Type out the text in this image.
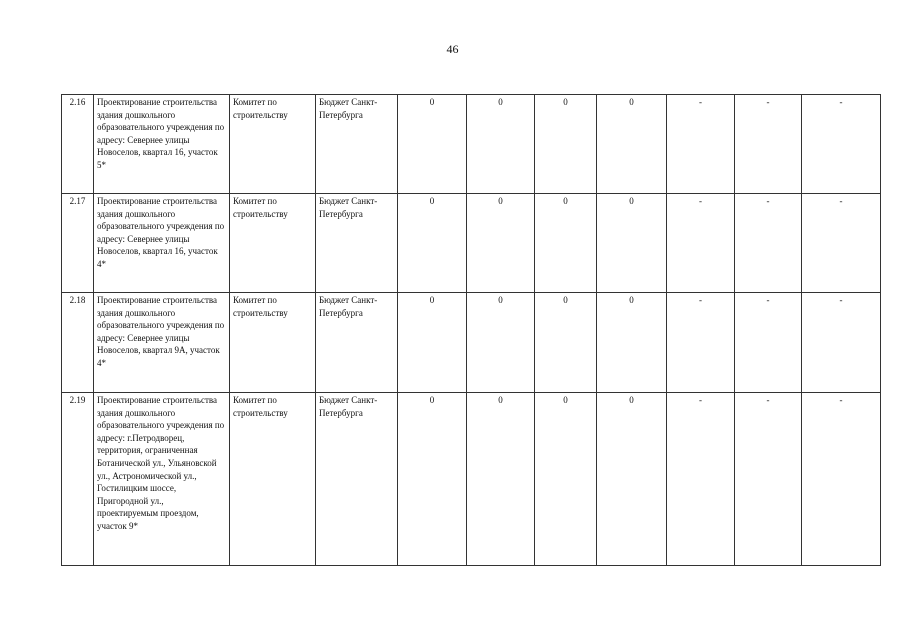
46
2.16	Проектирование строительства здания дошкольного образовательного учреждения по адресу: Севернее улицы Новоселов, квартал 16, участок 5*	Комитет по строительству	Бюджет Санкт-Петербурга	0	0	0	0	-	-	-
2.17	Проектирование строительства здания дошкольного образовательного учреждения по адресу: Севернее улицы Новоселов, квартал 16, участок 4*	Комитет по строительству	Бюджет Санкт-Петербурга	0	0	0	0	-	-	-
2.18	Проектирование строительства здания дошкольного образовательного учреждения по адресу: Севернее улицы Новоселов, квартал 9А, участок 4*	Комитет по строительству	Бюджет Санкт-Петербурга	0	0	0	0	-	-	-
2.19	Проектирование строительства здания дошкольного образовательного учреждения по адресу: г.Петродворец, территория, ограниченная Ботанической ул., Ульяновской ул., Астрономической ул., Гостилицким шоссе, Пригородной ул., проектируемым проездом, участок 9*	Комитет по строительству	Бюджет Санкт-Петербурга	0	0	0	0	-	-	-
